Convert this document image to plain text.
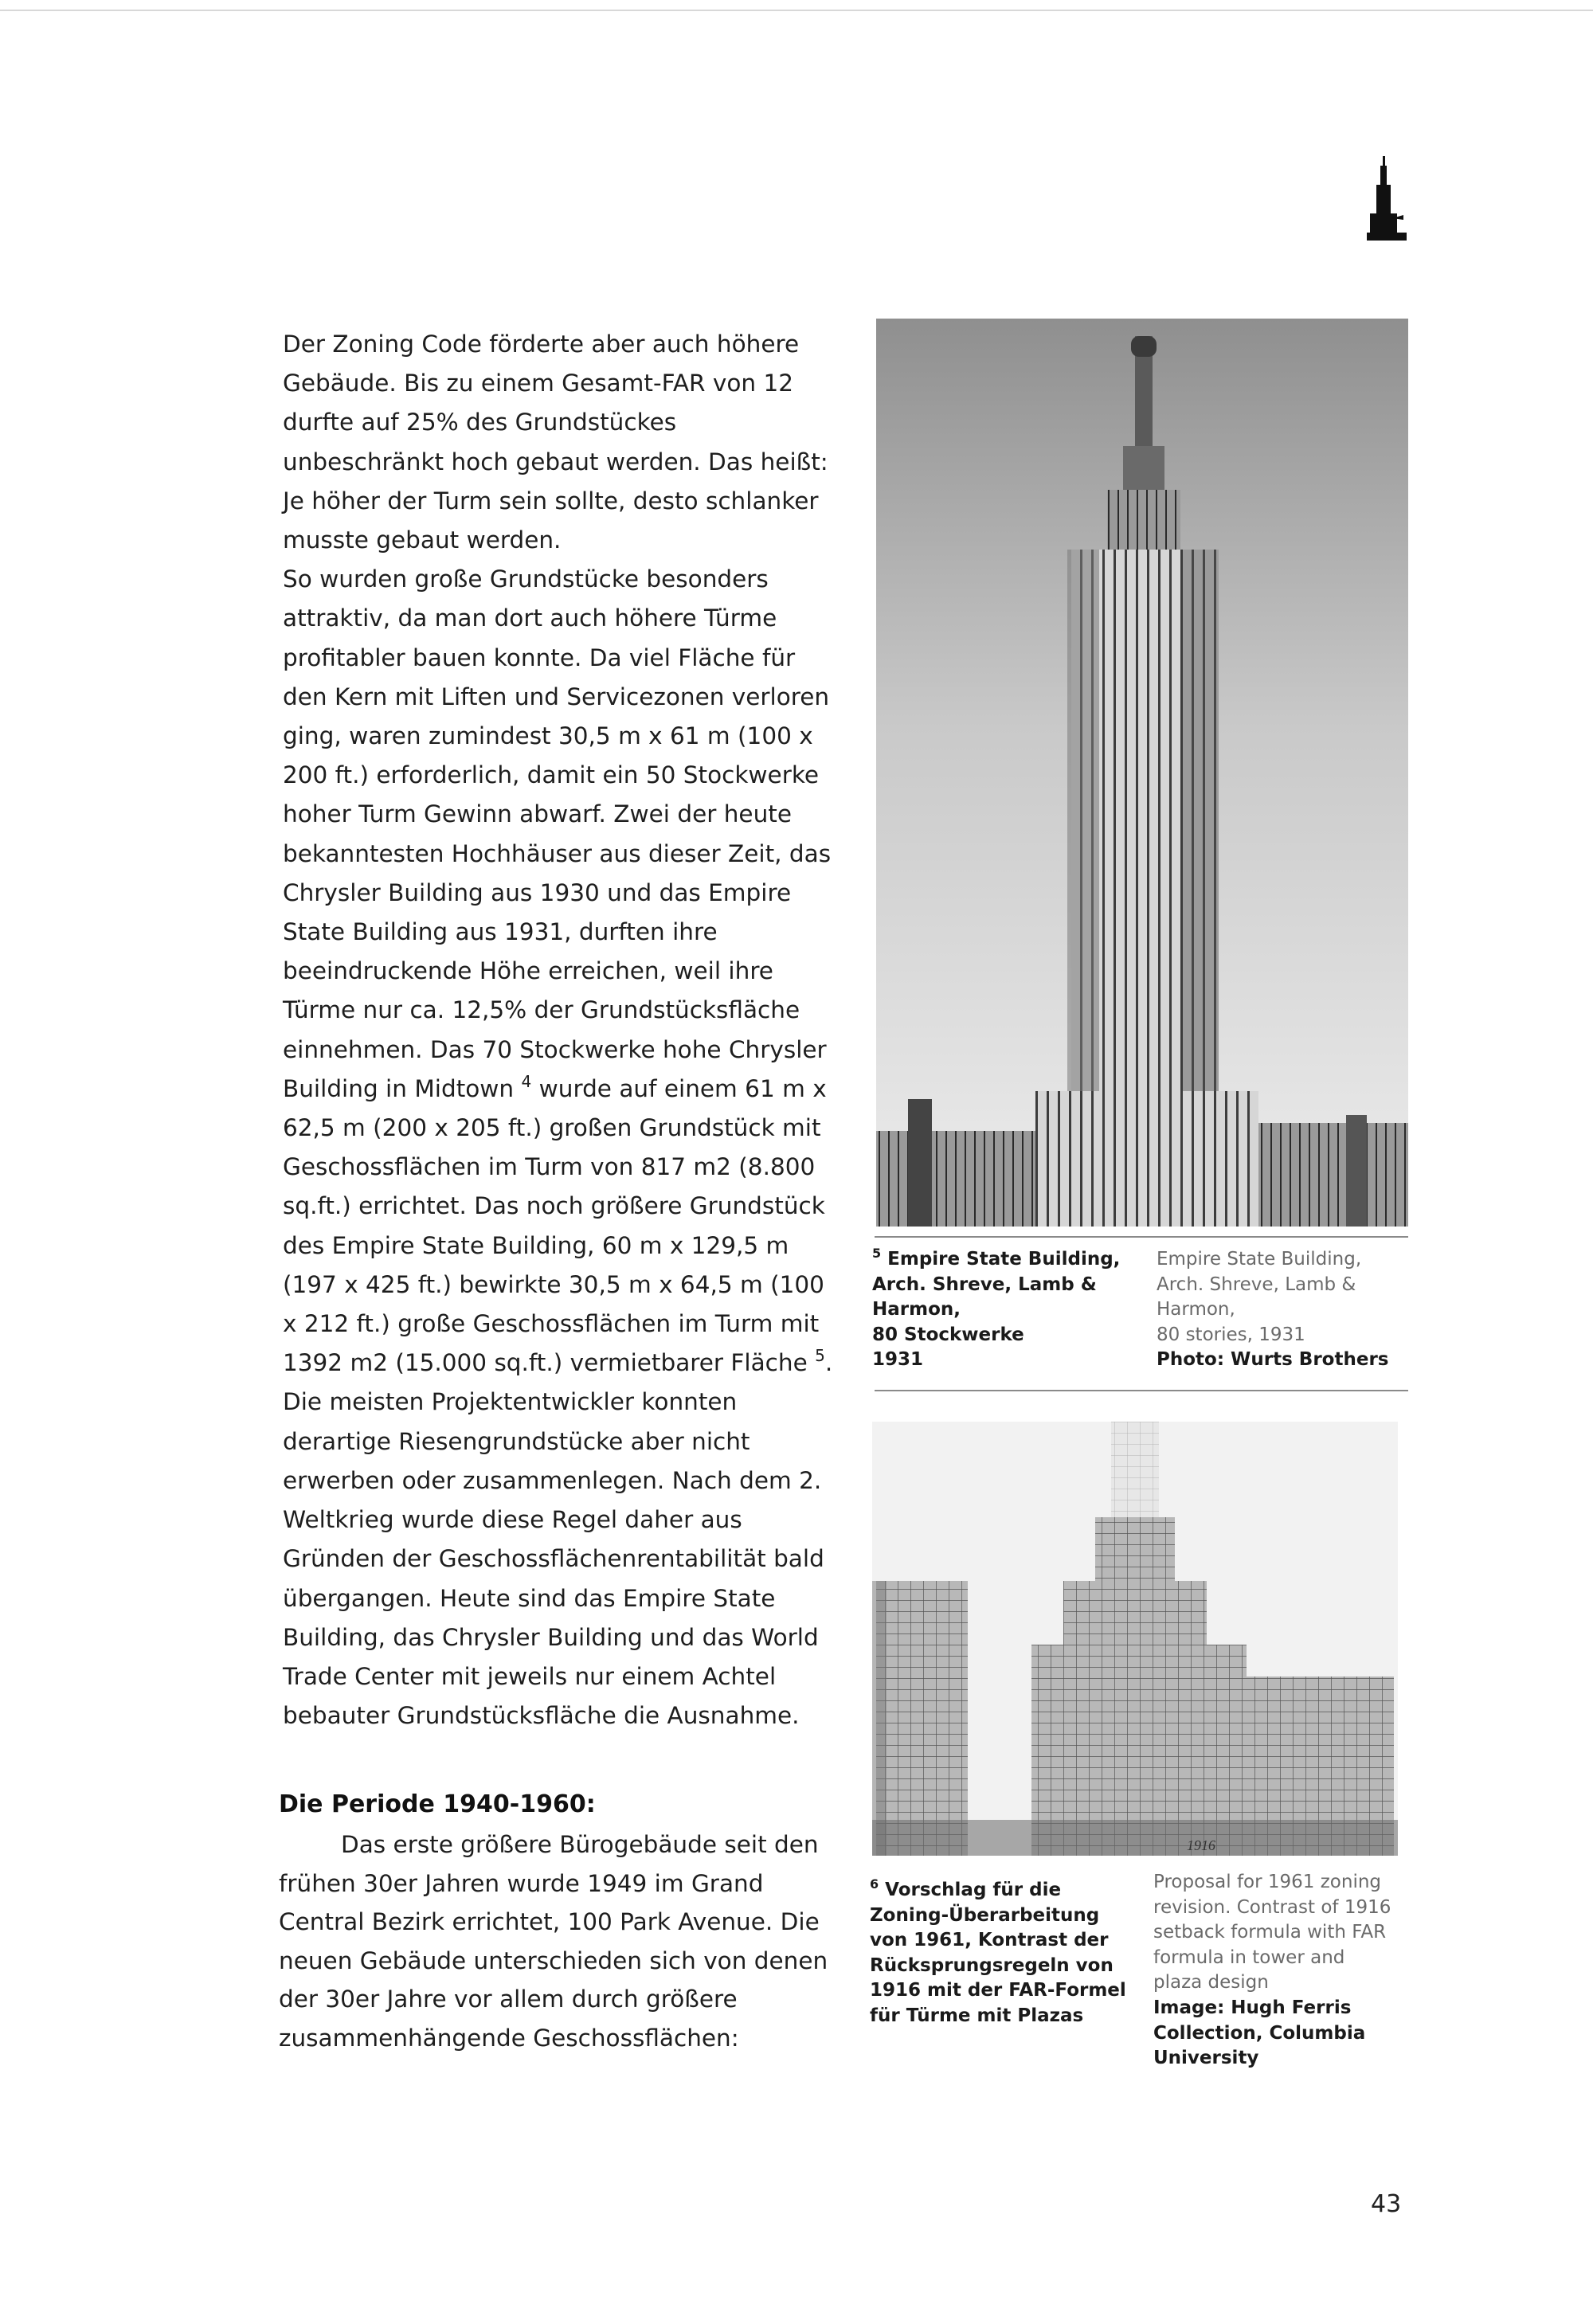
Der Zoning Code förderte aber auch höhere Gebäude. Bis zu einem Gesamt-FAR von 12 durfte auf 25% des Grundstückes unbeschränkt hoch gebaut werden. Das heißt: Je höher der Turm sein sollte, desto schlanker musste gebaut werden.

So wurden große Grundstücke besonders attraktiv, da man dort auch höhere Türme profitabler bauen konnte. Da viel Fläche für den Kern mit Liften und Servicezonen verloren ging, waren zumindest 30,5 m x 61 m (100 x 200 ft.) erforderlich, damit ein 50 Stockwerke hoher Turm Gewinn abwarf. Zwei der heute bekanntesten Hochhäuser aus dieser Zeit, das Chrysler Building aus 1930 und das Empire State Building aus 1931, durften ihre beeindruckende Höhe erreichen, weil ihre Türme nur ca. 12,5% der Grundstücksfläche einnehmen. Das 70 Stockwerke hohe Chrysler Building in Midtown $^4$ wurde auf einem 61 m x 62,5 m (200 x 205 ft.) großen Grundstück mit Geschossflächen im Turm von 817 m2 (8.800 sq.ft.) errichtet. Das noch größere Grundstück des Empire State Building, 60 m x 129,5 m (197 x 425 ft.) bewirkte 30,5 m x 64,5 m (100 x 212 ft.) große Geschossflächen im Turm mit 1392 m2 (15.000 sq.ft.) vermietbarer Fläche $^5$.

Die meisten Projektentwickler konnten derartige Riesengrundstücke aber nicht erwerben oder zusammenlegen. Nach dem 2. Weltkrieg wurde diese Regel daher aus Gründen der Geschossflächenrentabilität bald übergangen. Heute sind das Empire State Building, das Chrysler Building und das World Trade Center mit jeweils nur einem Achtel bebauter Grundstücksfläche die Ausnahme.

Die Periode 1940-1960:

Das erste größere Bürogebäude seit den frühen 30er Jahren wurde 1949 im Grand Central Bezirk errichtet, 100 Park Avenue. Die neuen Gebäude unterschieden sich von denen der 30er Jahre vor allem durch größere zusammenhängende Geschossflächen:

$^5$ Empire State Building,
Arch. Shreve, Lamb &
Harmon,
80 Stockwerke
1931
Empire State Building,
Arch. Shreve, Lamb &
Harmon,
80 stories, 1931
Photo: Wurts Brothers
1916
$^6$ Vorschlag für die
Zoning-Überarbeitung
von 1961, Kontrast der
Rücksprungsregeln von
1916 mit der FAR-Formel
für Türme mit Plazas
Proposal for 1961 zoning
revision. Contrast of 1916
setback formula with FAR
formula in tower and
plaza design
Image: Hugh Ferris
Collection, Columbia
University
43
